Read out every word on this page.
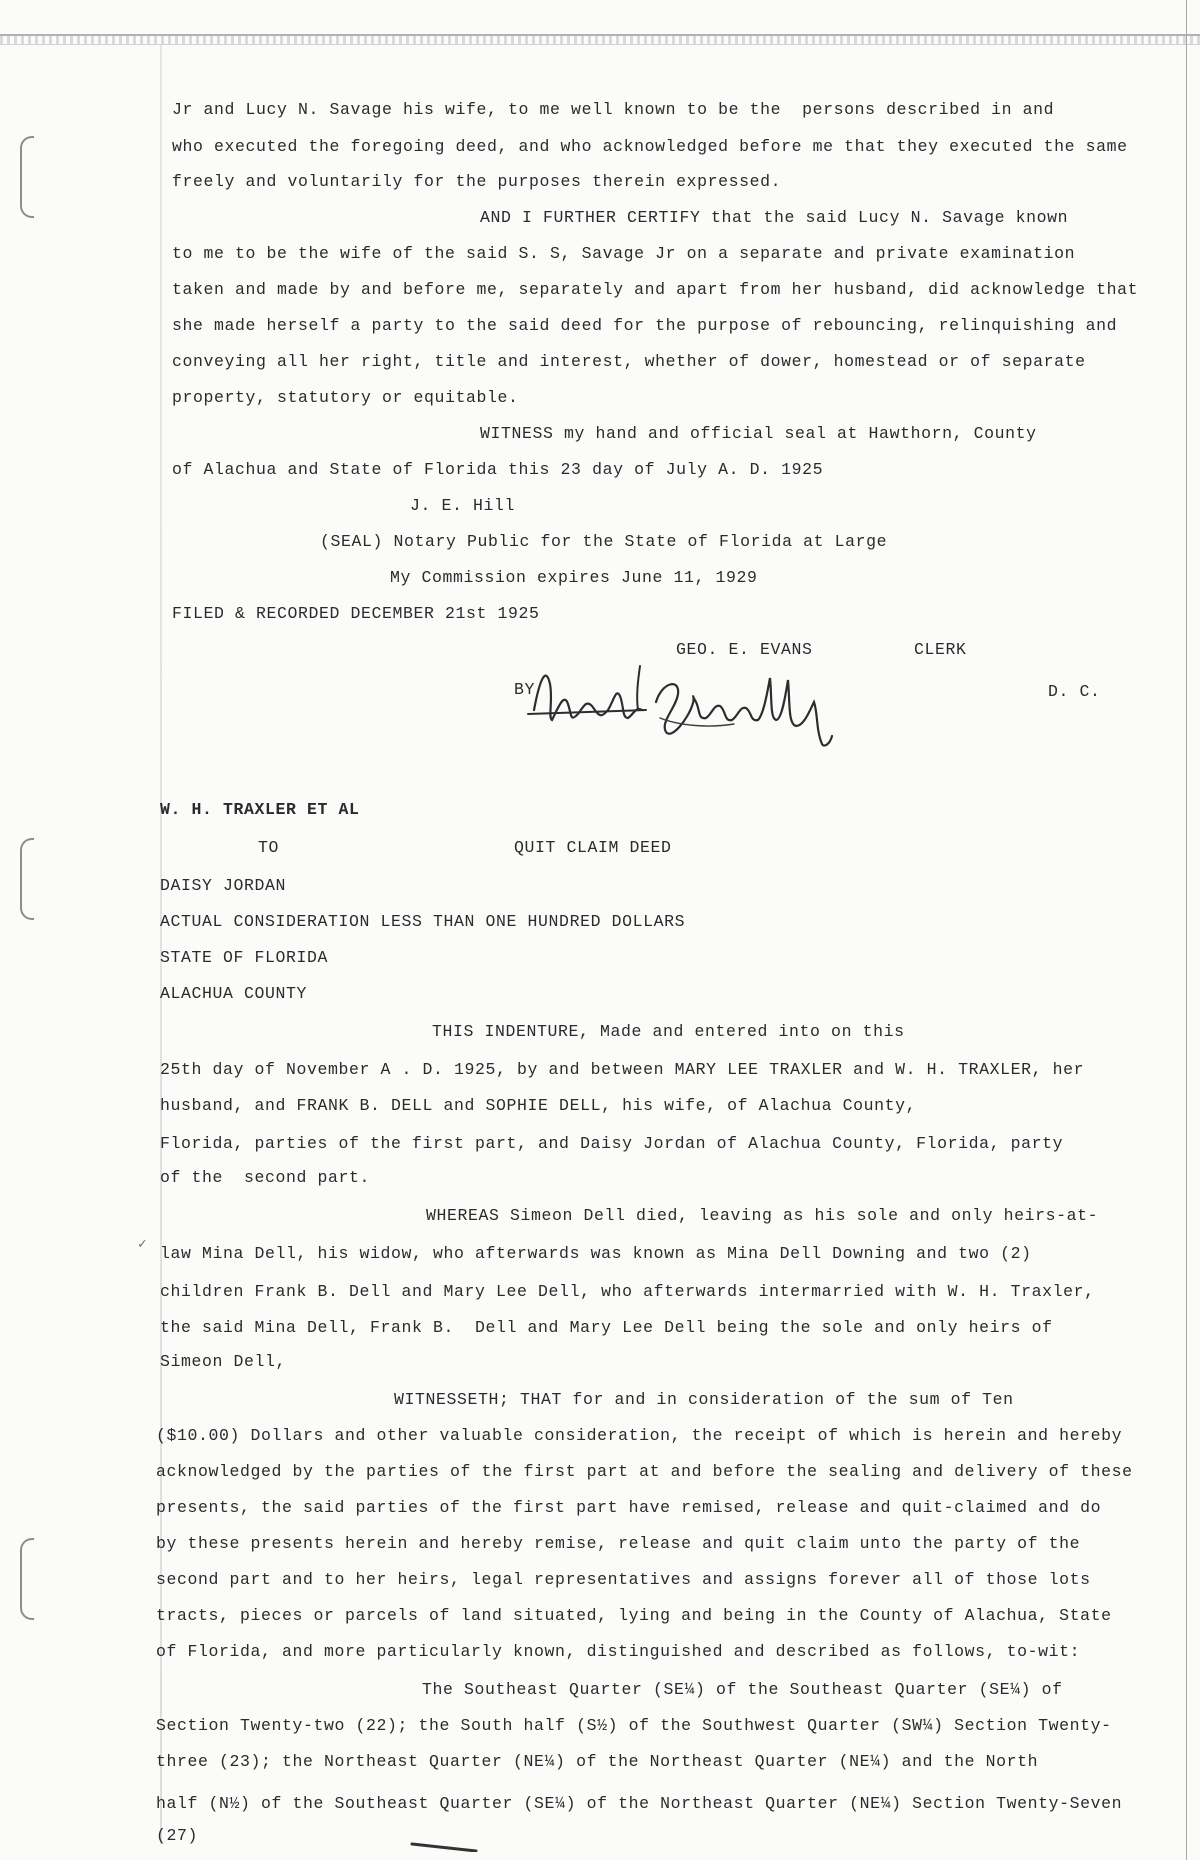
Jr and Lucy N. Savage his wife, to me well known to be the  persons described in and
who executed the foregoing deed, and who acknowledged before me that they executed the same
freely and voluntarily for the purposes therein expressed.
AND I FURTHER CERTIFY that the said Lucy N. Savage known
to me to be the wife of the said S. S, Savage Jr on a separate and private examination
taken and made by and before me, separately and apart from her husband, did acknowledge that
she made herself a party to the said deed for the purpose of rebouncing, relinquishing and
conveying all her right, title and interest, whether of dower, homestead or of separate
property, statutory or equitable.
WITNESS my hand and official seal at Hawthorn, County
of Alachua and State of Florida this 23 day of July A. D. 1925
J. E. Hill
(SEAL) Notary Public for the State of Florida at Large
My Commission expires June 11, 1929
FILED & RECORDED DECEMBER 21st 1925
GEO. E. EVANS	CLERK
BY	D. C.
W. H. TRAXLER ET AL
TO	QUIT CLAIM DEED
DAISY JORDAN
ACTUAL CONSIDERATION LESS THAN ONE HUNDRED DOLLARS
STATE OF FLORIDA
ALACHUA COUNTY
THIS INDENTURE, Made and entered into on this
25th day of November A . D. 1925, by and between MARY LEE TRAXLER and W. H. TRAXLER, her
husband, and FRANK B. DELL and SOPHIE DELL, his wife, of Alachua County,
Florida, parties of the first part, and Daisy Jordan of Alachua County, Florida, party
of the  second part.
WHEREAS Simeon Dell died, leaving as his sole and only heirs-at-
✓ law Mina Dell, his widow, who afterwards was known as Mina Dell Downing and two (2)
children Frank B. Dell and Mary Lee Dell, who afterwards intermarried with W. H. Traxler,
the said Mina Dell, Frank B.  Dell and Mary Lee Dell being the sole and only heirs of
Simeon Dell,
WITNESSETH; THAT for and in consideration of the sum of Ten
($10.00) Dollars and other valuable consideration, the receipt of which is herein and hereby
acknowledged by the parties of the first part at and before the sealing and delivery of these
presents, the said parties of the first part have remised, release and quit-claimed and do
by these presents herein and hereby remise, release and quit claim unto the party of the
second part and to her heirs, legal representatives and assigns forever all of those lots
tracts, pieces or parcels of land situated, lying and being in the County of Alachua, State
of Florida, and more particularly known, distinguished and described as follows, to-wit:
The Southeast Quarter (SE¼) of the Southeast Quarter (SE¼) of
Section Twenty-two (22); the South half (S½) of the Southwest Quarter (SW¼) Section Twenty-
three (23); the Northeast Quarter (NE¼) of the Northeast Quarter (NE¼) and the North
half (N½) of the Southeast Quarter (SE¼) of the Northeast Quarter (NE¼) Section Twenty-Seven
(27)
